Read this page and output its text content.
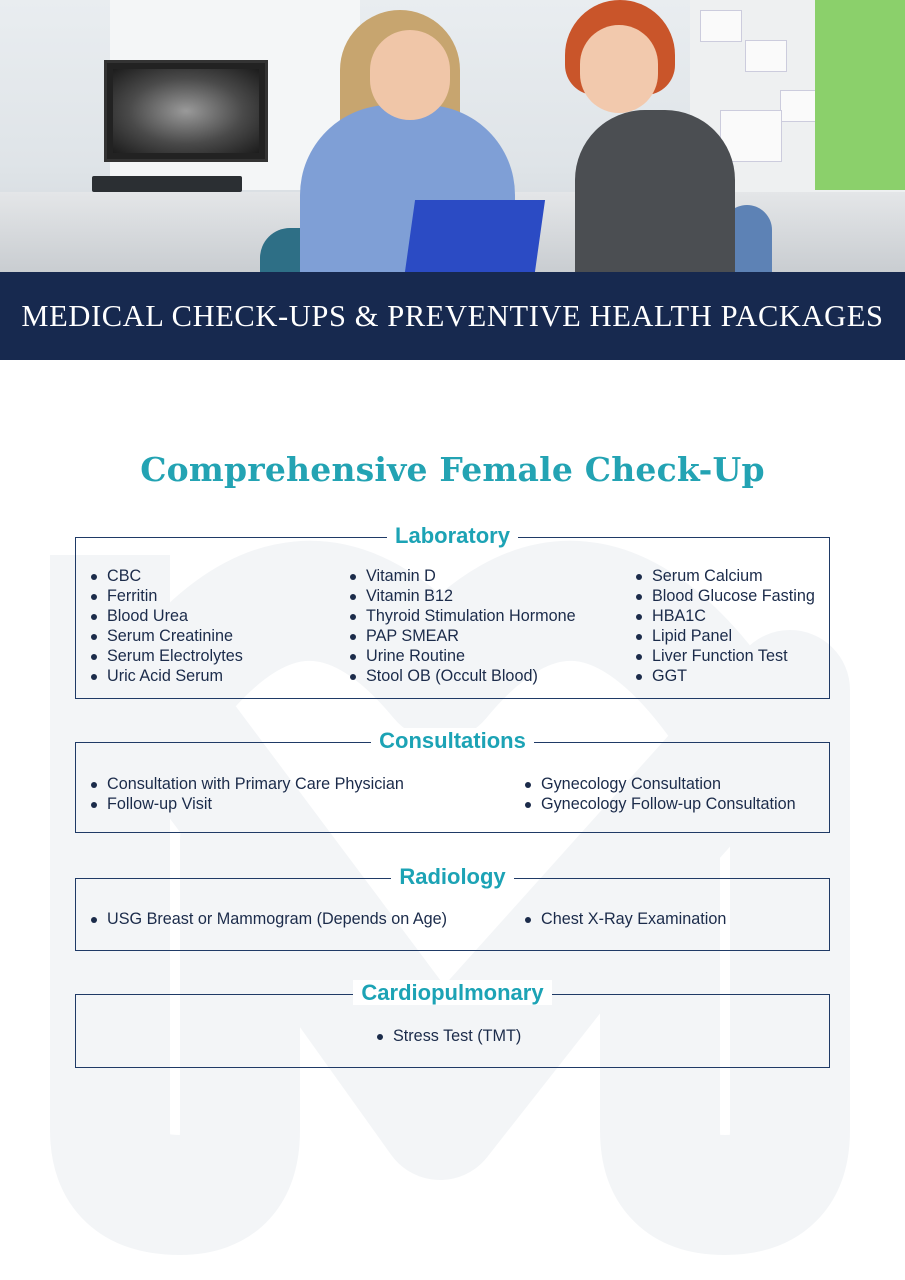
MEDICAL CHECK-UPS & PREVENTIVE HEALTH PACKAGES
Comprehensive Female Check-Up
Laboratory
CBC
Ferritin
Blood Urea
Serum Creatinine
Serum Electrolytes
Uric Acid Serum
Vitamin D
Vitamin B12
Thyroid Stimulation Hormone
PAP SMEAR
Urine Routine
Stool OB (Occult Blood)
Serum Calcium
Blood Glucose Fasting
HBA1C
Lipid Panel
Liver Function Test
GGT
Consultations
Consultation with Primary Care Physician
Follow-up Visit
Gynecology Consultation
Gynecology Follow-up Consultation
Radiology
USG Breast or Mammogram (Depends on Age)	Chest X-Ray Examination
Cardiopulmonary
Stress Test (TMT)
